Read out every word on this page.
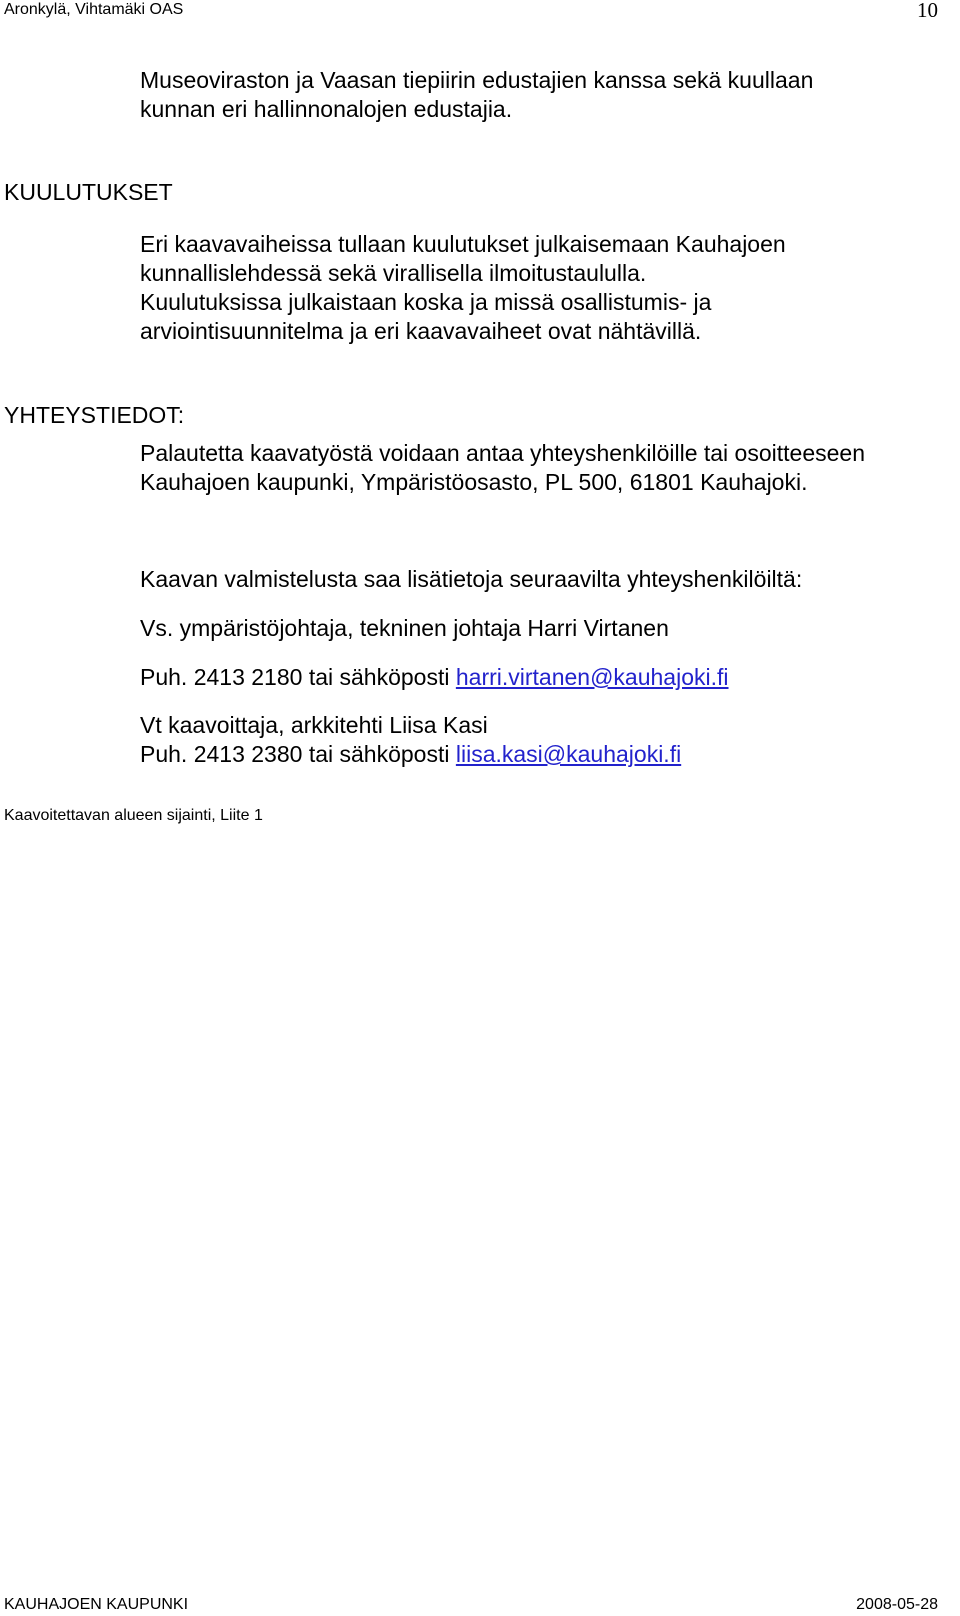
Aronkylä, Vihtamäki OAS	10

Museoviraston ja Vaasan tiepiirin edustajien kanssa sekä kuullaan

kunnan eri hallinnonalojen edustajia.

KUULUTUKSET

Eri kaavavaiheissa tullaan kuulutukset julkaisemaan Kauhajoen

kunnallislehdessä sekä virallisella ilmoitustaululla.

Kuulutuksissa julkaistaan koska ja missä osallistumis- ja

arviointisuunnitelma ja eri kaavavaiheet ovat nähtävillä.

YHTEYSTIEDOT:

Palautetta kaavatyöstä voidaan antaa yhteyshenkilöille tai osoitteeseen

Kauhajoen kaupunki, Ympäristöosasto, PL 500, 61801 Kauhajoki.

Kaavan valmistelusta saa lisätietoja seuraavilta yhteyshenkilöiltä:

Vs. ympäristöjohtaja, tekninen johtaja Harri Virtanen

Puh. 2413 2180 tai sähköposti harri.virtanen@kauhajoki.fi

Vt kaavoittaja, arkkitehti Liisa Kasi

Puh. 2413 2380 tai sähköposti liisa.kasi@kauhajoki.fi

Kaavoitettavan alueen sijainti, Liite 1

KAUHAJOEN KAUPUNKI	2008-05-28
